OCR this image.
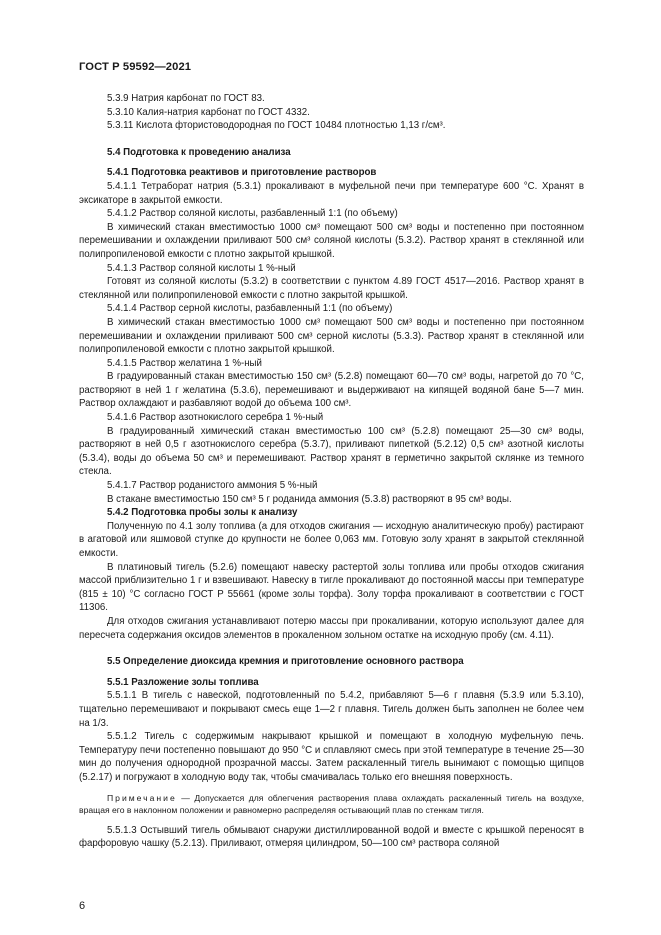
ГОСТ Р 59592—2021

5.3.9 Натрия карбонат по ГОСТ 83.

5.3.10 Калия-натрия карбонат по ГОСТ 4332.

5.3.11 Кислота фтористоводородная по ГОСТ 10484 плотностью 1,13 г/см³.

5.4 Подготовка к проведению анализа

5.4.1 Подготовка реактивов и приготовление растворов

5.4.1.1 Тетраборат натрия (5.3.1) прокаливают в муфельной печи при температуре 600 °С. Хранят в эксикаторе в закрытой емкости.

5.4.1.2 Раствор соляной кислоты, разбавленный 1:1 (по объему)

В химический стакан вместимостью 1000 см³ помещают 500 см³ воды и постепенно при постоянном перемешивании и охлаждении приливают 500 см³ соляной кислоты (5.3.2). Раствор хранят в стеклянной или полипропиленовой емкости с плотно закрытой крышкой.

5.4.1.3 Раствор соляной кислоты 1 %-ный

Готовят из соляной кислоты (5.3.2) в соответствии с пунктом 4.89 ГОСТ 4517—2016. Раствор хранят в стеклянной или полипропиленовой емкости с плотно закрытой крышкой.

5.4.1.4 Раствор серной кислоты, разбавленный 1:1 (по объему)

В химический стакан вместимостью 1000 см³ помещают 500 см³ воды и постепенно при постоянном перемешивании и охлаждении приливают 500 см³ серной кислоты (5.3.3). Раствор хранят в стеклянной или полипропиленовой емкости с плотно закрытой крышкой.

5.4.1.5 Раствор желатина 1 %-ный

В градуированный стакан вместимостью 150 см³ (5.2.8) помещают 60—70 см³ воды, нагретой до 70 °С, растворяют в ней 1 г желатина (5.3.6), перемешивают и выдерживают на кипящей водяной бане 5—7 мин. Раствор охлаждают и разбавляют водой до объема 100 см³.

5.4.1.6 Раствор азотнокислого серебра 1 %-ный

В градуированный химический стакан вместимостью 100 см³ (5.2.8) помещают 25—30 см³ воды, растворяют в ней 0,5 г азотнокислого серебра (5.3.7), приливают пипеткой (5.2.12) 0,5 см³ азотной кислоты (5.3.4), воды до объема 50 см³ и перемешивают. Раствор хранят в герметично закрытой склянке из темного стекла.

5.4.1.7 Раствор роданистого аммония 5 %-ный

В стакане вместимостью 150 см³ 5 г роданида аммония (5.3.8) растворяют в 95 см³ воды.

5.4.2 Подготовка пробы золы к анализу

Полученную по 4.1 золу топлива (а для отходов сжигания — исходную аналитическую пробу) растирают в агатовой или яшмовой ступке до крупности не более 0,063 мм. Готовую золу хранят в закрытой стеклянной емкости.

В платиновый тигель (5.2.6) помещают навеску растертой золы топлива или пробы отходов сжигания массой приблизительно 1 г и взвешивают. Навеску в тигле прокаливают до постоянной массы при температуре (815 ± 10) °С согласно ГОСТ Р 55661 (кроме золы торфа). Золу торфа прокаливают в соответствии с ГОСТ 11306.

Для отходов сжигания устанавливают потерю массы при прокаливании, которую используют далее для пересчета содержания оксидов элементов в прокаленном зольном остатке на исходную пробу (см. 4.11).

5.5 Определение диоксида кремния и приготовление основного раствора

5.5.1 Разложение золы топлива

5.5.1.1 В тигель с навеской, подготовленный по 5.4.2, прибавляют 5—6 г плавня (5.3.9 или 5.3.10), тщательно перемешивают и покрывают смесь еще 1—2 г плавня. Тигель должен быть заполнен не более чем на 1/3.

5.5.1.2 Тигель с содержимым накрывают крышкой и помещают в холодную муфельную печь. Температуру печи постепенно повышают до 950 °С и сплавляют смесь при этой температуре в течение 25—30 мин до получения однородной прозрачной массы. Затем раскаленный тигель вынимают с помощью щипцов (5.2.17) и погружают в холодную воду так, чтобы смачивалась только его внешняя поверхность.

Примечание — Допускается для облегчения растворения плава охлаждать раскаленный тигель на воздухе, вращая его в наклонном положении и равномерно распределяя остывающий плав по стенкам тигля.

5.5.1.3 Остывший тигель обмывают снаружи дистиллированной водой и вместе с крышкой переносят в фарфоровую чашку (5.2.13). Приливают, отмеряя цилиндром, 50—100 см³ раствора соляной

6
